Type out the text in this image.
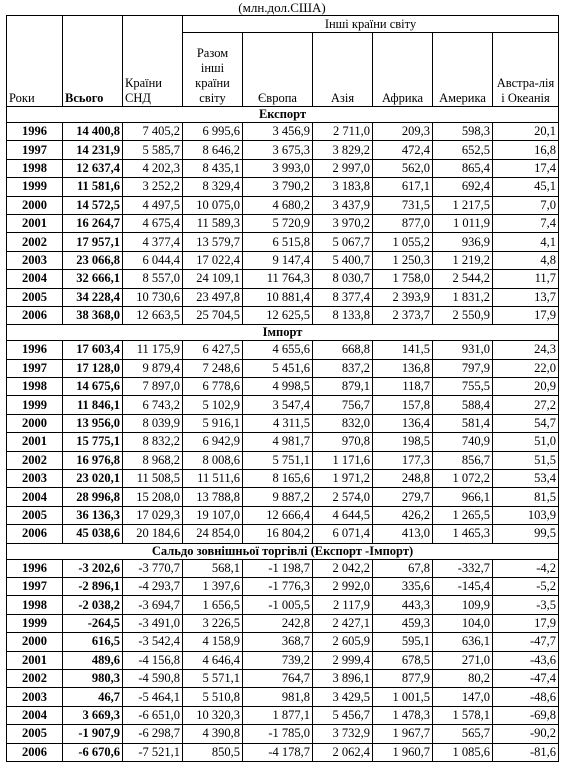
(млн.дол.США)
Роки	Всього	Країни СНД	Інші країни світу					
			Разом інші країни світу	Європа	Азія	Африка	Америка	Австра-лія і Океанія
Експорт								
1996	14 400,8	7 405,2	6 995,6	3 456,9	2 711,0	209,3	598,3	20,1
1997	14 231,9	5 585,7	8 646,2	3 675,3	3 829,2	472,4	652,5	16,8
1998	12 637,4	4 202,3	8 435,1	3 993,0	2 997,0	562,0	865,4	17,4
1999	11 581,6	3 252,2	8 329,4	3 790,2	3 183,8	617,1	692,4	45,1
2000	14 572,5	4 497,5	10 075,0	4 680,2	3 437,9	731,5	1 217,5	7,0
2001	16 264,7	4 675,4	11 589,3	5 720,9	3 970,2	877,0	1 011,9	7,4
2002	17 957,1	4 377,4	13 579,7	6 515,8	5 067,7	1 055,2	936,9	4,1
2003	23 066,8	6 044,4	17 022,4	9 147,4	5 400,7	1 250,3	1 219,2	4,8
2004	32 666,1	8 557,0	24 109,1	11 764,3	8 030,7	1 758,0	2 544,2	11,7
2005	34 228,4	10 730,6	23 497,8	10 881,4	8 377,4	2 393,9	1 831,2	13,7
2006	38 368,0	12 663,5	25 704,5	12 625,5	8 133,8	2 373,7	2 550,9	17,9
Імпорт								
1996	17 603,4	11 175,9	6 427,5	4 655,6	668,8	141,5	931,0	24,3
1997	17 128,0	9 879,4	7 248,6	5 451,6	837,2	136,8	797,9	22,0
1998	14 675,6	7 897,0	6 778,6	4 998,5	879,1	118,7	755,5	20,9
1999	11 846,1	6 743,2	5 102,9	3 547,4	756,7	157,8	588,4	27,2
2000	13 956,0	8 039,9	5 916,1	4 311,5	832,0	136,4	581,4	54,7
2001	15 775,1	8 832,2	6 942,9	4 981,7	970,8	198,5	740,9	51,0
2002	16 976,8	8 968,2	8 008,6	5 751,1	1 171,6	177,3	856,7	51,5
2003	23 020,1	11 508,5	11 511,6	8 165,6	1 971,2	248,8	1 072,2	53,4
2004	28 996,8	15 208,0	13 788,8	9 887,2	2 574,0	279,7	966,1	81,5
2005	36 136,3	17 029,3	19 107,0	12 666,4	4 644,5	426,2	1 265,5	103,9
2006	45 038,6	20 184,6	24 854,0	16 804,2	6 071,4	413,0	1 465,3	99,5
Сальдо зовнішньої торгівлі (Експорт -Імпорт)								
1996	-3 202,6	-3 770,7	568,1	-1 198,7	2 042,2	67,8	-332,7	-4,2
1997	-2 896,1	-4 293,7	1 397,6	-1 776,3	2 992,0	335,6	-145,4	-5,2
1998	-2 038,2	-3 694,7	1 656,5	-1 005,5	2 117,9	443,3	109,9	-3,5
1999	-264,5	-3 491,0	3 226,5	242,8	2 427,1	459,3	104,0	17,9
2000	616,5	-3 542,4	4 158,9	368,7	2 605,9	595,1	636,1	-47,7
2001	489,6	-4 156,8	4 646,4	739,2	2 999,4	678,5	271,0	-43,6
2002	980,3	-4 590,8	5 571,1	764,7	3 896,1	877,9	80,2	-47,4
2003	46,7	-5 464,1	5 510,8	981,8	3 429,5	1 001,5	147,0	-48,6
2004	3 669,3	-6 651,0	10 320,3	1 877,1	5 456,7	1 478,3	1 578,1	-69,8
2005	-1 907,9	-6 298,7	4 390,8	-1 785,0	3 732,9	1 967,7	565,7	-90,2
2006	-6 670,6	-7 521,1	850,5	-4 178,7	2 062,4	1 960,7	1 085,6	-81,6
